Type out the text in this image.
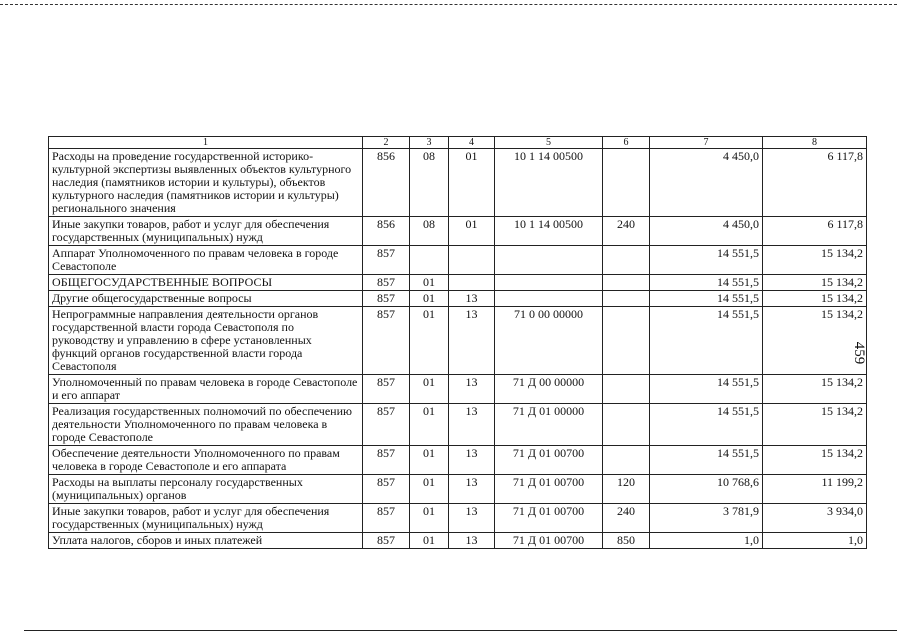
1	2	3	4	5	6	7	8
Расходы на проведение государственной историко-культурной экспертизы выявленных объектов культурного наследия (памятников истории и культуры), объектов культурного наследия (памятников истории и культуры) регионального значения	856	08	01	10 1 14 00500		4 450,0	6 117,8
Иные закупки товаров, работ и услуг для обеспечения государственных (муниципальных) нужд	856	08	01	10 1 14 00500	240	4 450,0	6 117,8
Аппарат Уполномоченного по правам человека в городе Севастополе	857					14 551,5	15 134,2
ОБЩЕГОСУДАРСТВЕННЫЕ ВОПРОСЫ	857	01				14 551,5	15 134,2
Другие общегосударственные вопросы	857	01	13			14 551,5	15 134,2
Непрограммные направления деятельности органов государственной власти города Севастополя по руководству и управлению в сфере установленных функций органов государственной власти города Севастополя	857	01	13	71 0 00 00000		14 551,5	15 134,2
Уполномоченный по правам человека в городе Севастополе и его аппарат	857	01	13	71 Д 00 00000		14 551,5	15 134,2
Реализация государственных полномочий по обеспечению деятельности Уполномоченного по правам человека в городе Севастополе	857	01	13	71 Д 01 00000		14 551,5	15 134,2
Обеспечение деятельности Уполномоченного по правам человека в городе Севастополе и его аппарата	857	01	13	71 Д 01 00700		14 551,5	15 134,2
Расходы на выплаты персоналу государственных (муниципальных) органов	857	01	13	71 Д 01 00700	120	10 768,6	11 199,2
Иные закупки товаров, работ и услуг для обеспечения государственных (муниципальных) нужд	857	01	13	71 Д 01 00700	240	3 781,9	3 934,0
Уплата налогов, сборов и иных платежей	857	01	13	71 Д 01 00700	850	1,0	1,0
459
